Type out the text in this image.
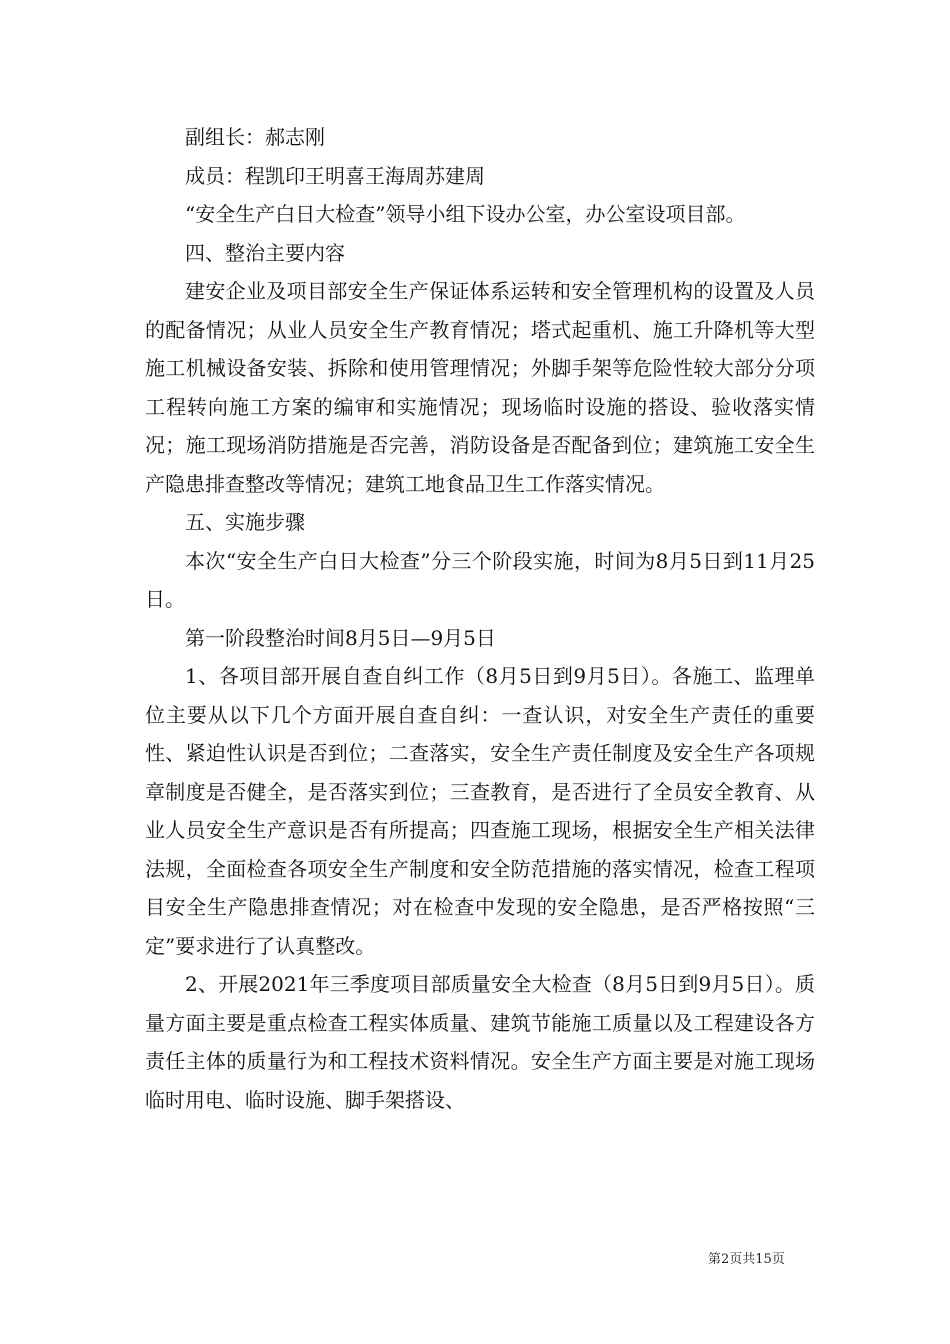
副组长：郝志刚

成员：程凯印王明喜王海周苏建周

“安全生产白日大检查”领导小组下设办公室，办公室设项目部。

四、整治主要内容

建安企业及项目部安全生产保证体系运转和安全管理机构的设置及人员的配备情况；从业人员安全生产教育情况；塔式起重机、施工升降机等大型施工机械设备安装、拆除和使用管理情况；外脚手架等危险性较大部分分项工程转向施工方案的编审和实施情况；现场临时设施的搭设、验收落实情况；施工现场消防措施是否完善，消防设备是否配备到位；建筑施工安全生产隐患排查整改等情况；建筑工地食品卫生工作落实情况。

五、实施步骤

本次“安全生产白日大检查”分三个阶段实施，时间为8月5日到11月25日。

第一阶段整治时间8月5日—9月5日

1、各项目部开展自查自纠工作（8月5日到9月5日）。各施工、监理单位主要从以下几个方面开展自查自纠：一查认识，对安全生产责任的重要性、紧迫性认识是否到位；二查落实，安全生产责任制度及安全生产各项规章制度是否健全，是否落实到位；三查教育，是否进行了全员安全教育、从业人员安全生产意识是否有所提高；四查施工现场，根据安全生产相关法律法规，全面检查各项安全生产制度和安全防范措施的落实情况，检查工程项目安全生产隐患排查情况；对在检查中发现的安全隐患，是否严格按照“三定”要求进行了认真整改。

2、开展2021年三季度项目部质量安全大检查（8月5日到9月5日）。质量方面主要是重点检查工程实体质量、建筑节能施工质量以及工程建设各方责任主体的质量行为和工程技术资料情况。安全生产方面主要是对施工现场临时用电、临时设施、脚手架搭设、

第2页共15页
